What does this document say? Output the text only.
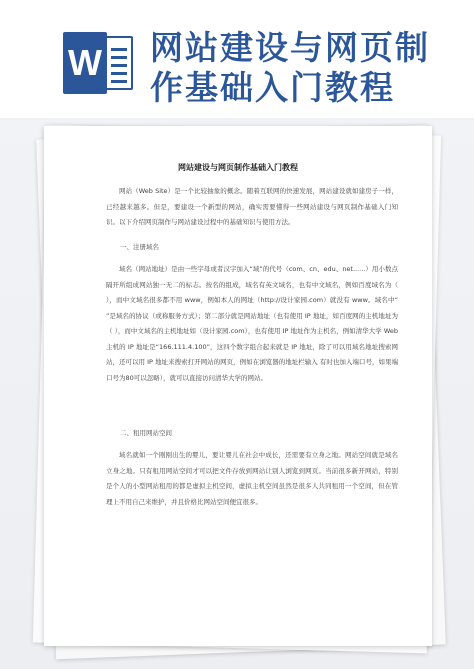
W 网站建设与网页制
作基础入门教程
网站建设与网页制作基础入门教程

网站（Web Site）是一个比较抽象的概念。随着互联网的快速发展，网站建设就如建房子一样，已经越来越多。但是，要建设一个新型的网站，确实需要懂得一些网站建设与网页制作基础入门知识。以下介绍网页制作与网站建设过程中的基础知识与使用方法。

一、注册域名

域名（网站地址）是由一些字母或者汉字加入“域”的代号（com、cn、edu、net......）用小数点隔开所组成网站独一无二的标志。按名的组成，域名有英文域名，也有中文域名，例如百度域名为（ ），而中文域名很多都不用 www，例如本人的网址（http://设计家园.com）就没有 www。域名中“ ”是域名的协议（或称服务方式）；第二部分就是网站地址（也有使用 IP 地址，如百度网的主机地址为（ ），而中文域名的主机地址如（设计家园.com），也有使用 IP 地址作为主机名，例如清华大学 Web 主机的 IP 地址是“166.111.4.100”，这四个数字组合起来就是 IP 地址，除了可以用域名地址搜索网站，还可以用 IP 地址来搜索打开网站的网页，例如在浏览器的地址栏输入 有时也加入端口号，如果端口号为80可以忽略），就可以直接访问清华大学的网站。

二、租用网站空间

域名就如一个刚刚出生的婴儿，要让婴儿在社会中成长，还需要有立身之地。网站空间就是域名立身之地。只有租用网站空间才可以把文件存放到网站让别人浏览到网页。当前很多新开网站，特别是个人的小型网站租用的都是虚拟主机空间，虚拟主机空间虽然是很多人共同租用一个空间，但在管理上不用自己来维护，并且价格比网站空间便宜很多。
